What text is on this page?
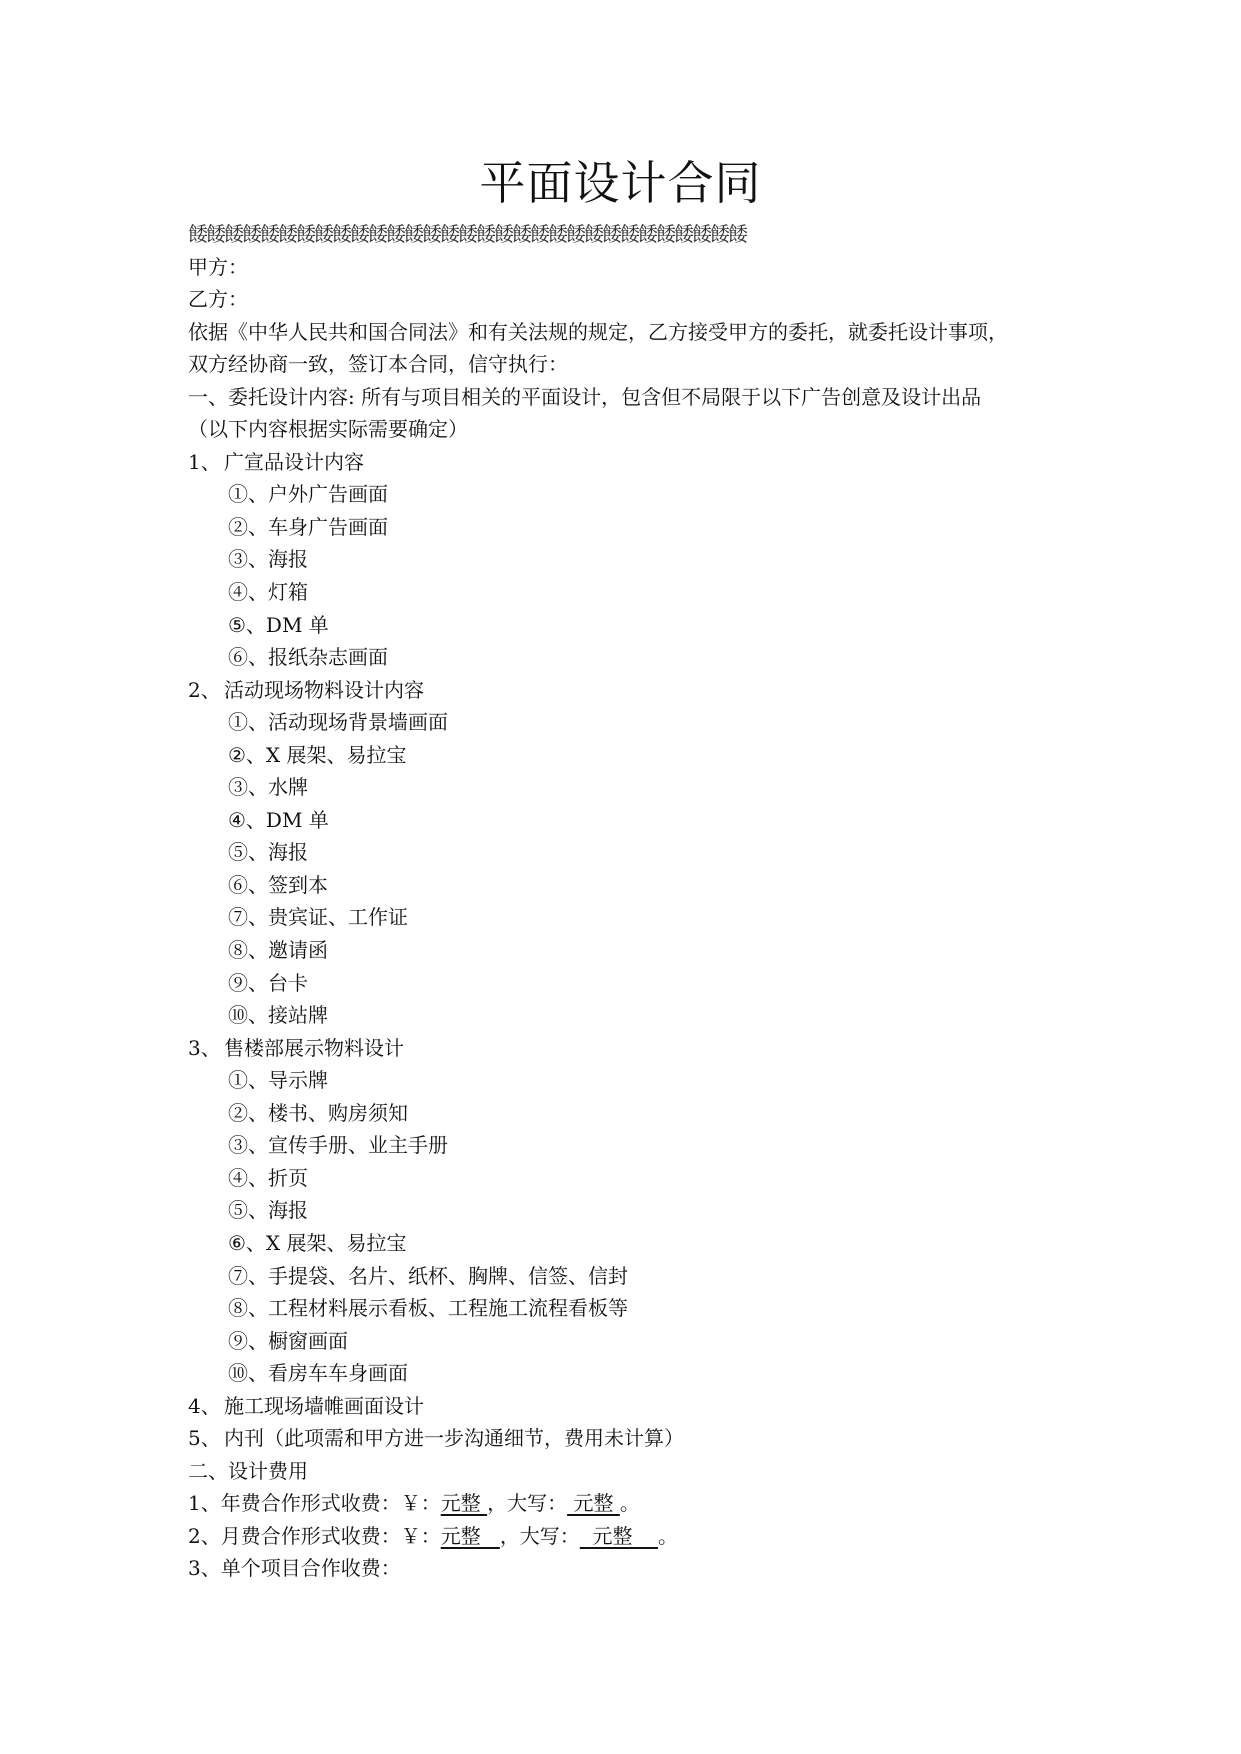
平面设计合同
餧餧餧餧餧餧餧餧餧餧餧餧餧餧餧餧餧餧餧餧餧餧餧餧餧餧餧餧餧餧餧
甲方：
乙方：
依据《中华人民共和国合同法》和有关法规的规定，乙方接受甲方的委托，就委托设计事项，
双方经协商一致，签订本合同，信守执行：
一、委托设计内容: 所有与项目相关的平面设计，包含但不局限于以下广告创意及设计出品
（以下内容根据实际需要确定）
1、 广宣品设计内容
①、户外广告画面
②、车身广告画面
③、海报
④、灯箱
⑤、DM 单
⑥、报纸杂志画面
2、 活动现场物料设计内容
①、活动现场背景墙画面
②、X 展架、易拉宝
③、水牌
④、DM 单
⑤、海报
⑥、签到本
⑦、贵宾证、工作证
⑧、邀请函
⑨、台卡
⑩、接站牌
3、 售楼部展示物料设计
①、导示牌
②、楼书、购房须知
③、宣传手册、业主手册
④、折页
⑤、海报
⑥、X 展架、易拉宝
⑦、手提袋、名片、纸杯、胸牌、信签、信封
⑧、工程材料展示看板、工程施工流程看板等
⑨、橱窗画面
⑩、看房车车身画面
4、 施工现场墙帷画面设计
5、 内刊（此项需和甲方进一步沟通细节，费用未计算）
二、设计费用
1、年费合作形式收费：￥：元整 ，大写： 元整 。
2、月费合作形式收费：￥：元整   ，大写：  元整    。
3、单个项目合作收费：
